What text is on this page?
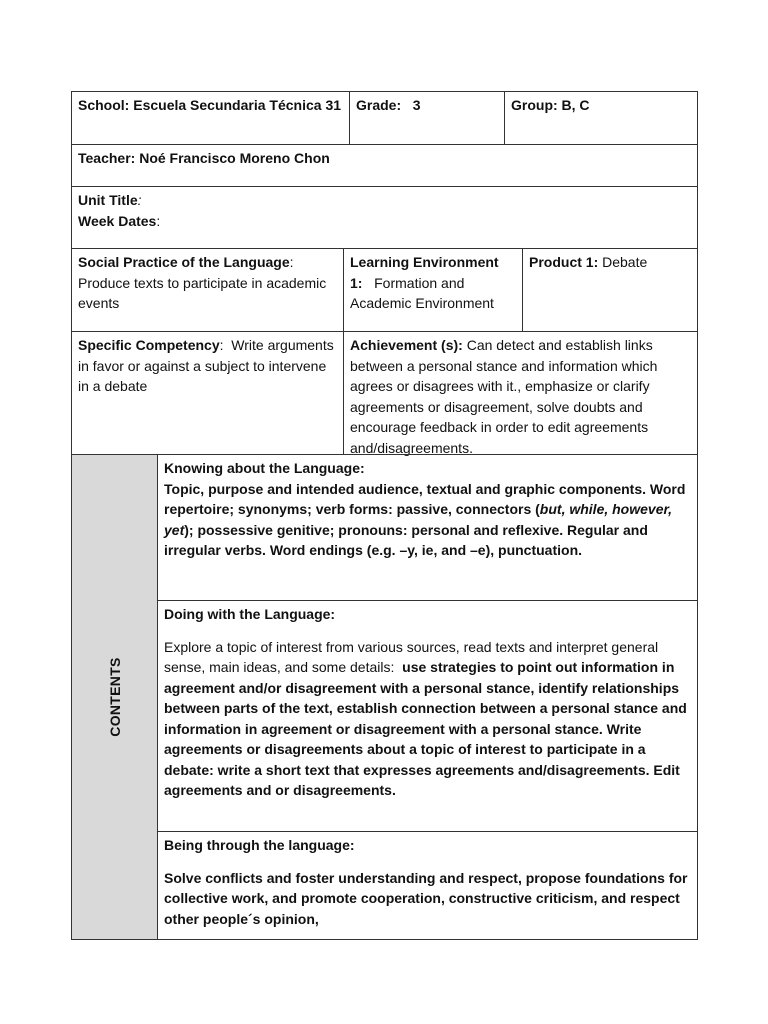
School: Escuela Secundaria Técnica 31	Grade: 3	Group: B, C
Teacher: Noé Francisco Moreno Chon

Unit Title:

Week Dates:

Social Practice of the Language: Produce texts to participate in academic events
Learning Environment 1: Formation and Academic Environment
Product 1: Debate
Specific Competency: Write arguments in favor or against a subject to intervene in a debate
Achievement (s): Can detect and establish links between a personal stance and information which agrees or disagrees with it., emphasize or clarify agreements or disagreement, solve doubts and encourage feedback in order to edit agreements and/disagreements.
CONTENTS

Knowing about the Language:

Topic, purpose and intended audience, textual and graphic components. Word repertoire; synonyms; verb forms: passive, connectors (but, while, however, yet); possessive genitive; pronouns: personal and reflexive. Regular and irregular verbs. Word endings (e.g. –y, ie, and –e), punctuation.

Doing with the Language:

Explore a topic of interest from various sources, read texts and interpret general sense, main ideas, and some details: use strategies to point out information in agreement and/or disagreement with a personal stance, identify relationships between parts of the text, establish connection between a personal stance and information in agreement or disagreement with a personal stance. Write agreements or disagreements about a topic of interest to participate in a debate: write a short text that expresses agreements and/disagreements. Edit agreements and or disagreements.

Being through the language:

Solve conflicts and foster understanding and respect, propose foundations for collective work, and promote cooperation, constructive criticism, and respect other people´s opinion,
